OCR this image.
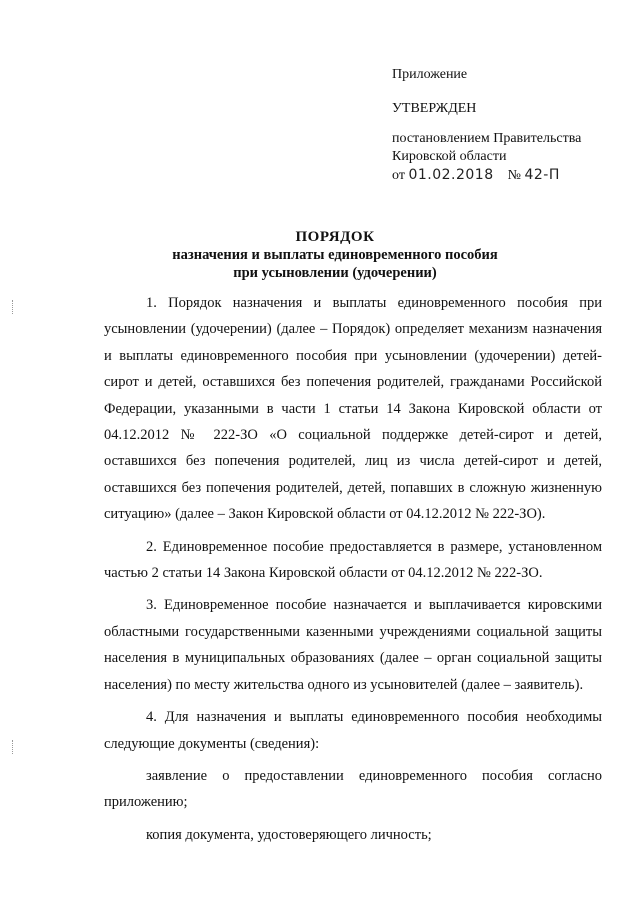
Приложение
УТВЕРЖДЕН
постановлением Правительства
Кировской области
от 01.02.2018 № 42-П
ПОРЯДОК
назначения и выплаты единовременного пособия
при усыновлении (удочерении)

1. Порядок назначения и выплаты единовременного пособия при усыновлении (удочерении) (далее – Порядок) определяет механизм назначения и выплаты единовременного пособия при усыновлении (удочерении) детей-сирот и детей, оставшихся без попечения родителей, гражданами Российской Федерации, указанными в части 1 статьи 14 Закона Кировской области от 04.12.2012 № 222-ЗО «О социальной поддержке детей-сирот и детей, оставшихся без попечения родителей, лиц из числа детей-сирот и детей, оставшихся без попечения родителей, детей, попавших в сложную жизненную ситуацию» (далее – Закон Кировской области от 04.12.2012 № 222-ЗО).

2. Единовременное пособие предоставляется в размере, установленном частью 2 статьи 14 Закона Кировской области от 04.12.2012 № 222-ЗО.

3. Единовременное пособие назначается и выплачивается кировскими областными государственными казенными учреждениями социальной защиты населения в муниципальных образованиях (далее – орган социальной защиты населения) по месту жительства одного из усыновителей (далее – заявитель).

4. Для назначения и выплаты единовременного пособия необходимы следующие документы (сведения):

заявление о предоставлении единовременного пособия согласно приложению;

копия документа, удостоверяющего личность;
